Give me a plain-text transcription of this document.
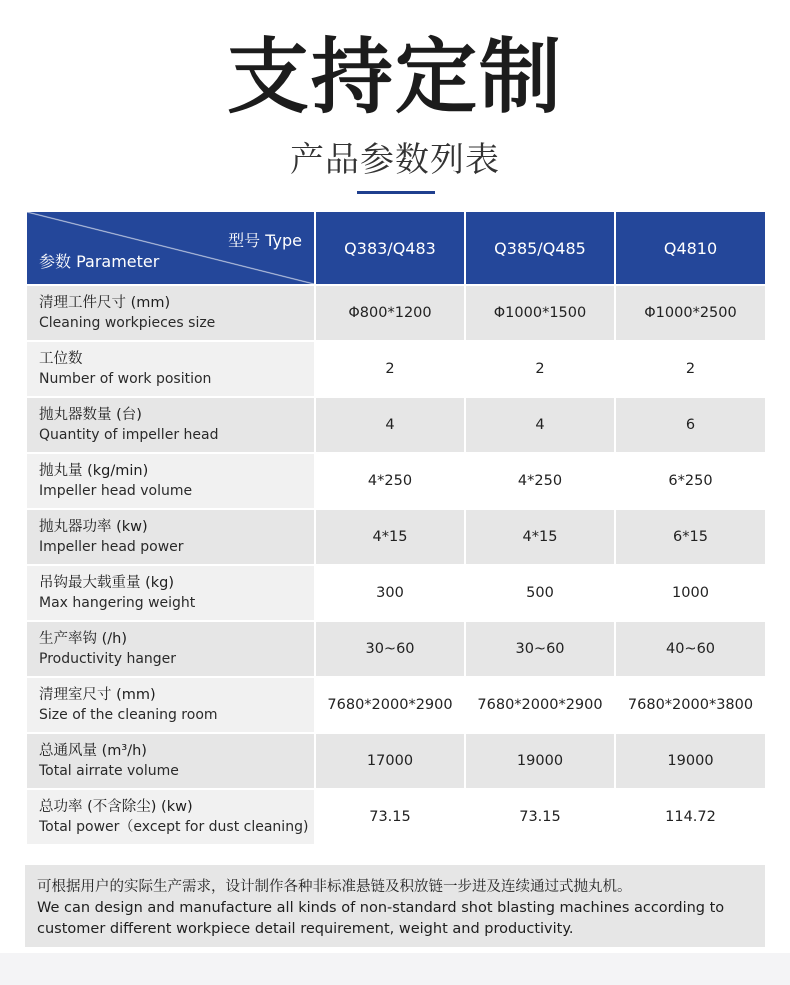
支持定制
产品参数列表
型号 Type
参数 Parameter	Q383/Q483	Q385/Q485	Q4810

清理工件尺寸 (mm)
Cleaning workpieces size	Φ800*1200	Φ1000*1500	Φ1000*2500

工位数
Number of work position	2	2	2

抛丸器数量 (台)
Quantity of impeller head	4	4	6

抛丸量 (kg/min)
Impeller head volume	4*250	4*250	6*250

抛丸器功率 (kw)
Impeller head power	4*15	4*15	6*15

吊钩最大载重量 (kg)
Max hangering weight	300	500	1000

生产率钩 (/h)
Productivity hanger	30~60	30~60	40~60

清理室尺寸 (mm)
Size of the cleaning room	7680*2000*2900	7680*2000*2900	7680*2000*3800

总通风量 (m³/h)
Total airrate volume	17000	19000	19000

总功率 (不含除尘) (kw)
Total power（except for dust cleaning)	73.15	73.15	114.72
可根据用户的实际生产需求，设计制作各种非标准悬链及积放链一步进及连续通过式抛丸机。
We can design and manufacture all kinds of non-standard shot blasting machines according to
customer different workpiece detail requirement, weight and productivity.
